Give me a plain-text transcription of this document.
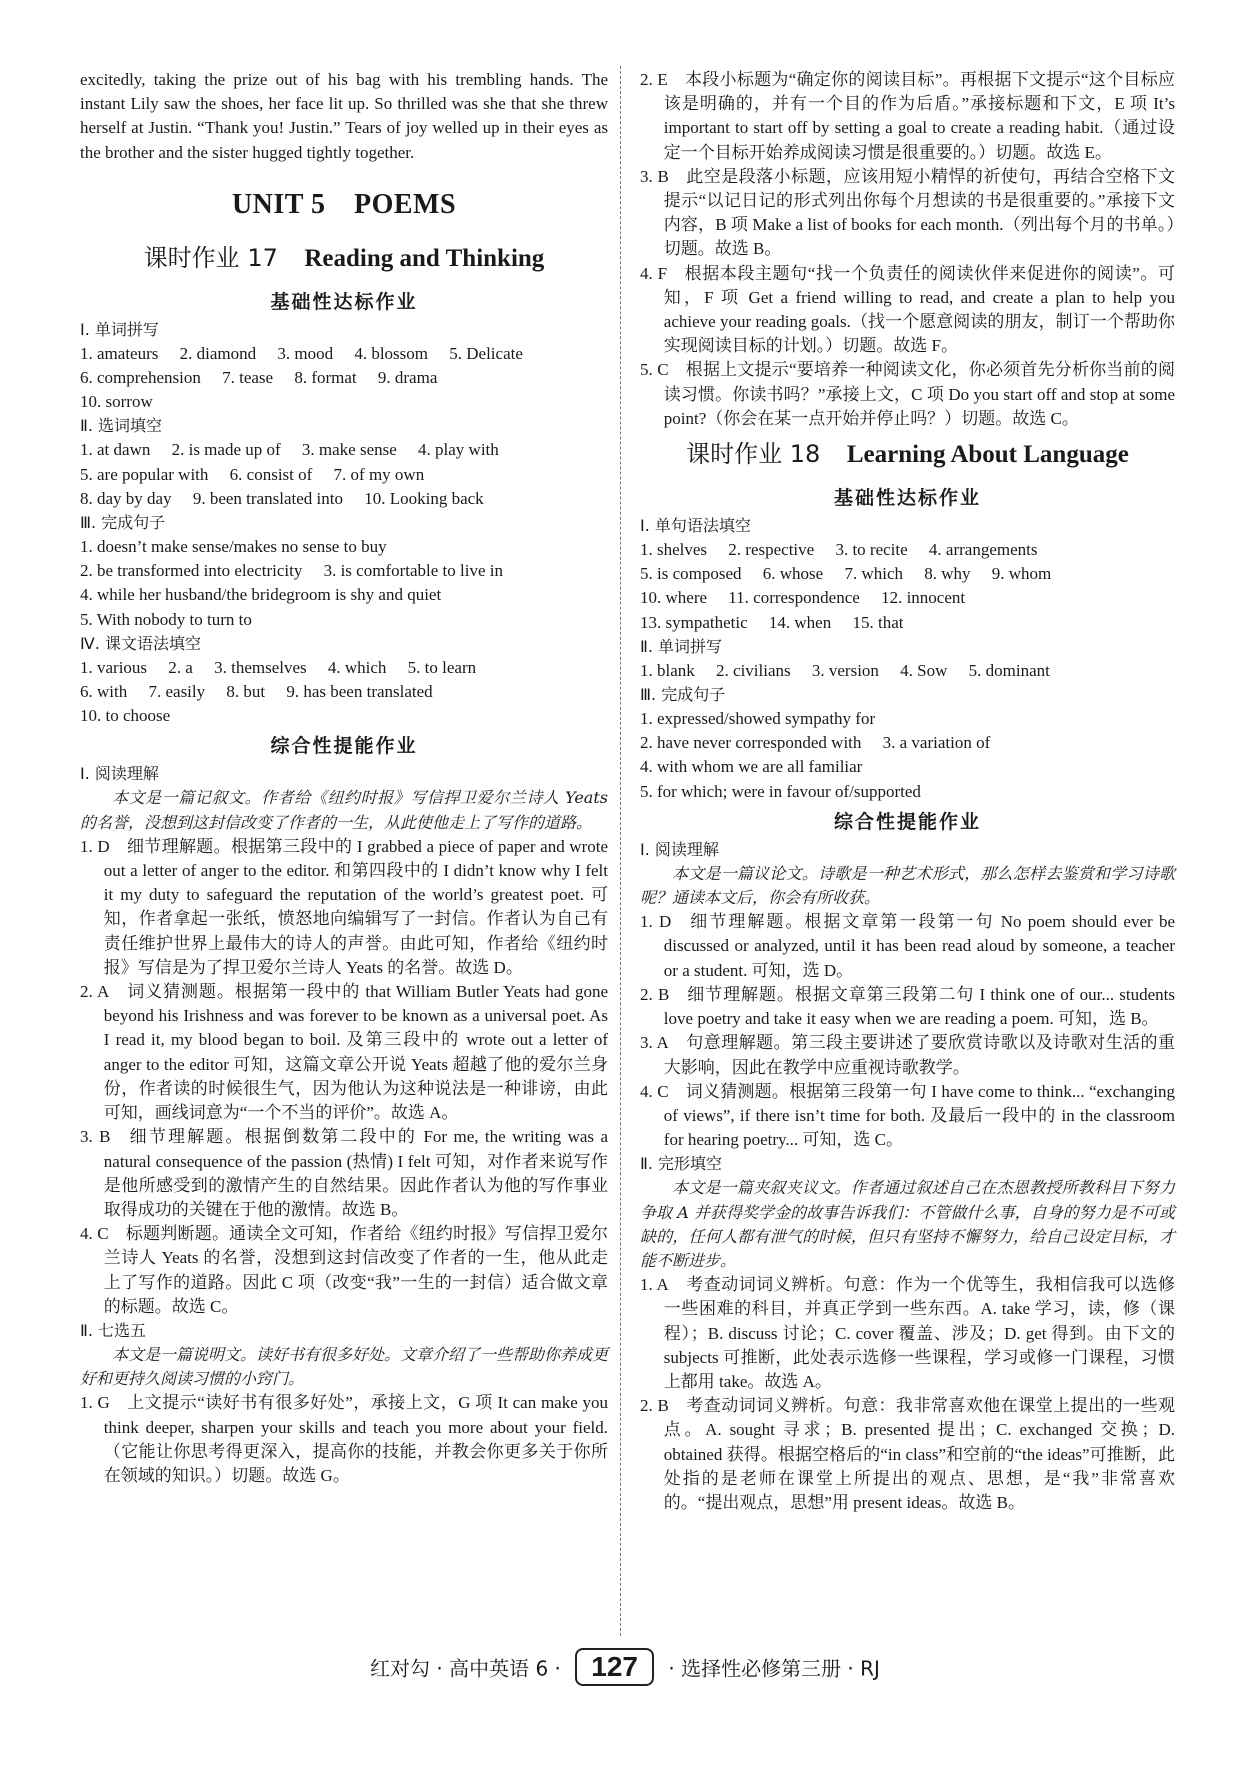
excitedly, taking the prize out of his bag with his trembling hands. The instant Lily saw the shoes, her face lit up. So thrilled was she that she threw herself at Justin. “Thank you! Justin.” Tears of joy welled up in their eyes as the brother and the sister hugged tightly together.

UNIT 5 POEMS
课时作业 17 Reading and Thinking
基础性达标作业

Ⅰ. 单词拼写

1. amateurs  2. diamond  3. mood  4. blossom  5. Delicate

6. comprehension  7. tease  8. format  9. drama

10. sorrow

Ⅱ. 选词填空

1. at dawn  2. is made up of  3. make sense  4. play with

5. are popular with  6. consist of  7. of my own

8. day by day  9. been translated into  10. Looking back

Ⅲ. 完成句子

1. doesn’t make sense/makes no sense to buy

2. be transformed into electricity  3. is comfortable to live in

4. while her husband/the bridegroom is shy and quiet

5. With nobody to turn to

Ⅳ. 课文语法填空

1. various  2. a  3. themselves  4. which  5. to learn

6. with  7. easily  8. but  9. has been translated

10. to choose

综合性提能作业

Ⅰ. 阅读理解

本文是一篇记叙文。作者给《纽约时报》写信捍卫爱尔兰诗人 Yeats 的名誉，没想到这封信改变了作者的一生，从此使他走上了写作的道路。

1. D 细节理解题。根据第三段中的 I grabbed a piece of paper and wrote out a letter of anger to the editor. 和第四段中的 I didn’t know why I felt it my duty to safeguard the reputation of the world’s greatest poet. 可知，作者拿起一张纸，愤怒地向编辑写了一封信。作者认为自己有责任维护世界上最伟大的诗人的声誉。由此可知，作者给《纽约时报》写信是为了捍卫爱尔兰诗人 Yeats 的名誉。故选 D。

2. A 词义猜测题。根据第一段中的 that William Butler Yeats had gone beyond his Irishness and was forever to be known as a universal poet. As I read it, my blood began to boil. 及第三段中的 wrote out a letter of anger to the editor 可知，这篇文章公开说 Yeats 超越了他的爱尔兰身份，作者读的时候很生气，因为他认为这种说法是一种诽谤，由此可知，画线词意为“一个不当的评价”。故选 A。

3. B 细节理解题。根据倒数第二段中的 For me, the writing was a natural consequence of the passion (热情) I felt 可知，对作者来说写作是他所感受到的激情产生的自然结果。因此作者认为他的写作事业取得成功的关键在于他的激情。故选 B。

4. C 标题判断题。通读全文可知，作者给《纽约时报》写信捍卫爱尔兰诗人 Yeats 的名誉，没想到这封信改变了作者的一生，他从此走上了写作的道路。因此 C 项（改变“我”一生的一封信）适合做文章的标题。故选 C。

Ⅱ. 七选五

本文是一篇说明文。读好书有很多好处。文章介绍了一些帮助你养成更好和更持久阅读习惯的小窍门。

1. G 上文提示“读好书有很多好处”，承接上文，G 项 It can make you think deeper, sharpen your skills and teach you more about your field.（它能让你思考得更深入，提高你的技能，并教会你更多关于你所在领域的知识。）切题。故选 G。

2. E 本段小标题为“确定你的阅读目标”。再根据下文提示“这个目标应该是明确的，并有一个目的作为后盾。”承接标题和下文，E 项 It’s important to start off by setting a goal to create a reading habit.（通过设定一个目标开始养成阅读习惯是很重要的。）切题。故选 E。

3. B 此空是段落小标题，应该用短小精悍的祈使句，再结合空格下文提示“以记日记的形式列出你每个月想读的书是很重要的。”承接下文内容，B 项 Make a list of books for each month.（列出每个月的书单。）切题。故选 B。

4. F 根据本段主题句“找一个负责任的阅读伙伴来促进你的阅读”。可知，F 项 Get a friend willing to read, and create a plan to help you achieve your reading goals.（找一个愿意阅读的朋友，制订一个帮助你实现阅读目标的计划。）切题。故选 F。

5. C 根据上文提示“要培养一种阅读文化，你必须首先分析你当前的阅读习惯。你读书吗？”承接上文，C 项 Do you start off and stop at some point?（你会在某一点开始并停止吗？）切题。故选 C。

课时作业 18 Learning About Language
基础性达标作业

Ⅰ. 单句语法填空

1. shelves  2. respective  3. to recite  4. arrangements

5. is composed  6. whose  7. which  8. why  9. whom

10. where  11. correspondence  12. innocent

13. sympathetic  14. when  15. that

Ⅱ. 单词拼写

1. blank  2. civilians  3. version  4. Sow  5. dominant

Ⅲ. 完成句子

1. expressed/showed sympathy for

2. have never corresponded with  3. a variation of

4. with whom we are all familiar

5. for which; were in favour of/supported

综合性提能作业

Ⅰ. 阅读理解

本文是一篇议论文。诗歌是一种艺术形式，那么怎样去鉴赏和学习诗歌呢？通读本文后，你会有所收获。

1. D 细节理解题。根据文章第一段第一句 No poem should ever be discussed or analyzed, until it has been read aloud by someone, a teacher or a student. 可知，选 D。

2. B 细节理解题。根据文章第三段第二句 I think one of our... students love poetry and take it easy when we are reading a poem. 可知，选 B。

3. A 句意理解题。第三段主要讲述了要欣赏诗歌以及诗歌对生活的重大影响，因此在教学中应重视诗歌教学。

4. C 词义猜测题。根据第三段第一句 I have come to think... “exchanging of views”, if there isn’t time for both. 及最后一段中的 in the classroom for hearing poetry... 可知，选 C。

Ⅱ. 完形填空

本文是一篇夹叙夹议文。作者通过叙述自己在杰恩教授所教科目下努力争取 A 并获得奖学金的故事告诉我们：不管做什么事，自身的努力是不可或缺的，任何人都有泄气的时候，但只有坚持不懈努力，给自己设定目标，才能不断进步。

1. A 考查动词词义辨析。句意：作为一个优等生，我相信我可以选修一些困难的科目，并真正学到一些东西。A. take 学习，读，修（课程）；B. discuss 讨论；C. cover 覆盖、涉及；D. get 得到。由下文的 subjects 可推断，此处表示选修一些课程，学习或修一门课程，习惯上都用 take。故选 A。

2. B 考查动词词义辨析。句意：我非常喜欢他在课堂上提出的一些观点。A. sought 寻求；B. presented 提出；C. exchanged 交换；D. obtained 获得。根据空格后的“in class”和空前的“the ideas”可推断，此处指的是老师在课堂上所提出的观点、思想，是“我”非常喜欢的。“提出观点，思想”用 present ideas。故选 B。

红对勾 · 高中英语 6 · 127 · 选择性必修第三册 · RJ
